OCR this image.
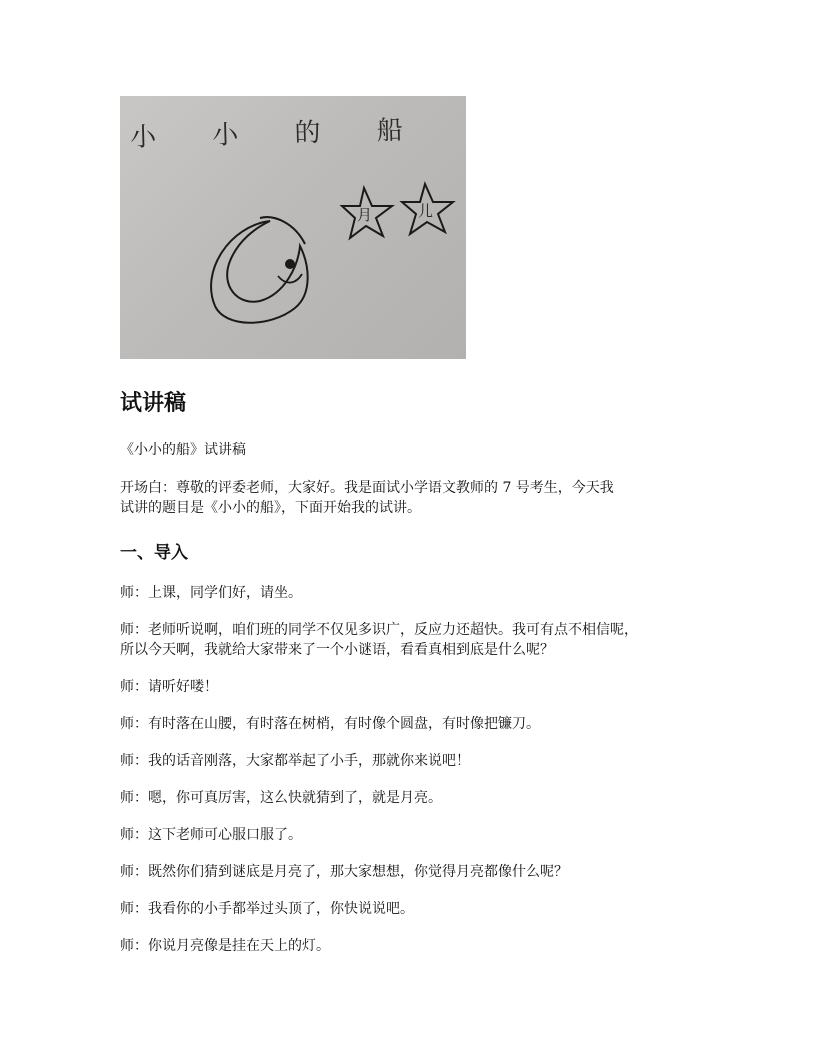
月	儿
小 小 的 船
试讲稿

《小小的船》试讲稿

开场白：尊敬的评委老师，大家好。我是面试小学语文教师的 7 号考生，今天我

试讲的题目是《小小的船》，下面开始我的试讲。

一、导入

师：上课，同学们好，请坐。

师：老师听说啊，咱们班的同学不仅见多识广，反应力还超快。我可有点不相信呢，

所以今天啊，我就给大家带来了一个小谜语，看看真相到底是什么呢？

师：请听好喽！

师：有时落在山腰，有时落在树梢，有时像个圆盘，有时像把镰刀。

师：我的话音刚落，大家都举起了小手，那就你来说吧！

师：嗯，你可真厉害，这么快就猜到了，就是月亮。

师：这下老师可心服口服了。

师：既然你们猜到谜底是月亮了，那大家想想，你觉得月亮都像什么呢？

师：我看你的小手都举过头顶了，你快说说吧。

师：你说月亮像是挂在天上的灯。
